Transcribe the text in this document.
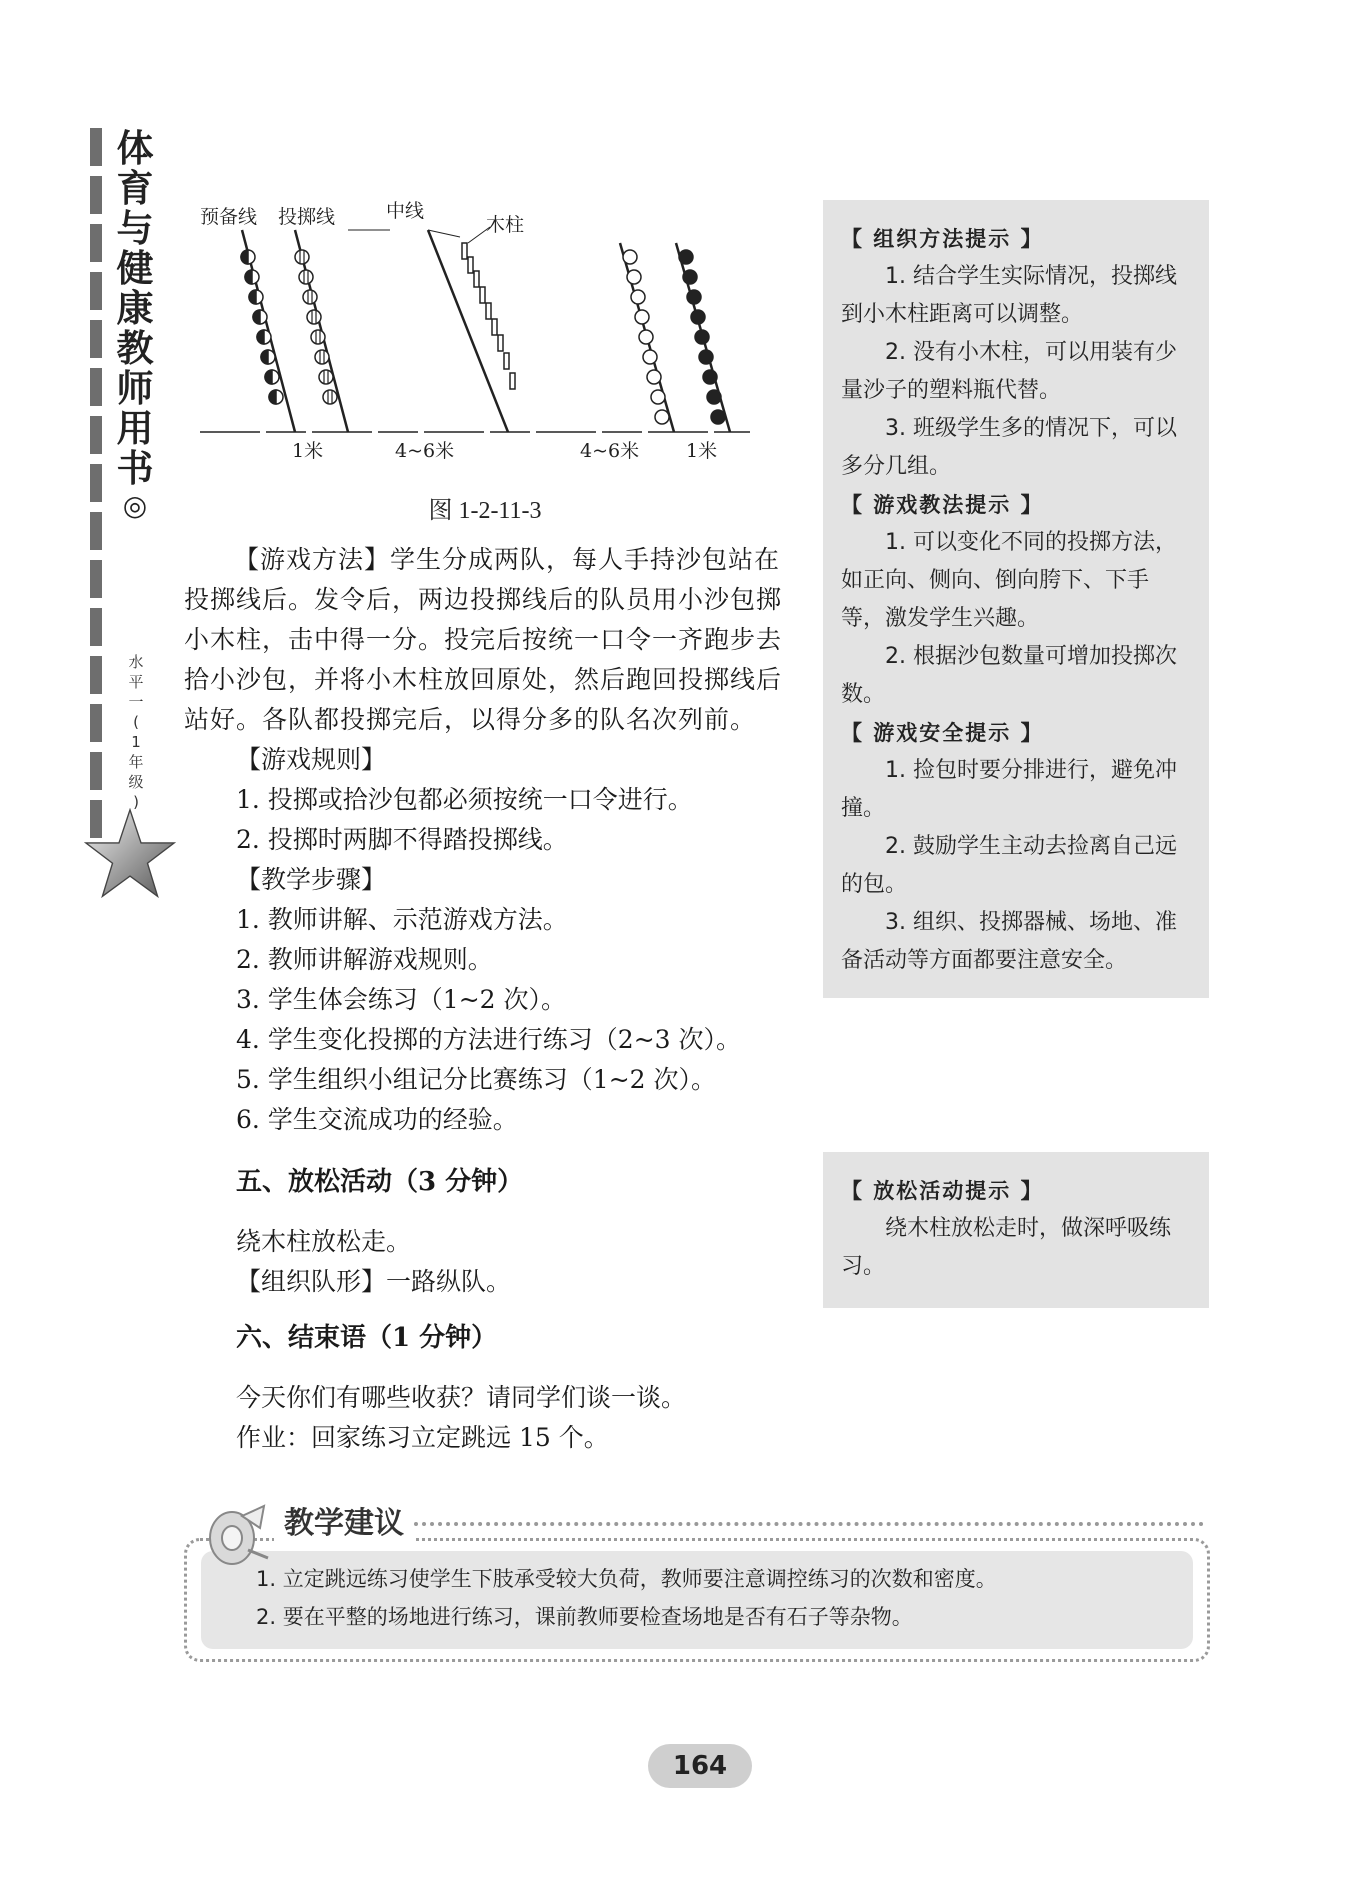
体
育
与
健
康
教
师
用
书
◎
水
平
一
(
1
年
级
)
预备线 投掷线	中线
木柱
1米	4~6米	4~6米 1米
图 1-2-11-3

【游戏方法】学生分成两队，每人手持沙包站在投掷线后。发令后，两边投掷线后的队员用小沙包掷小木柱，击中得一分。投完后按统一口令一齐跑步去拾小沙包，并将小木柱放回原处，然后跑回投掷线后站好。各队都投掷完后，以得分多的队名次列前。

【游戏规则】

1. 投掷或拾沙包都必须按统一口令进行。

2. 投掷时两脚不得踏投掷线。

【教学步骤】

1. 教师讲解、示范游戏方法。

2. 教师讲解游戏规则。

3. 学生体会练习（1~2 次）。

4. 学生变化投掷的方法进行练习（2~3 次）。

5. 学生组织小组记分比赛练习（1~2 次）。

6. 学生交流成功的经验。

五、放松活动（3 分钟）

绕木柱放松走。

【组织队形】一路纵队。

六、结束语（1 分钟）

今天你们有哪些收获？请同学们谈一谈。

作业：回家练习立定跳远 15 个。

【 组织方法提示 】

1. 结合学生实际情况，投掷线到小木柱距离可以调整。

2. 没有小木柱，可以用装有少量沙子的塑料瓶代替。

3. 班级学生多的情况下，可以多分几组。

【 游戏教法提示 】

1. 可以变化不同的投掷方法，如正向、侧向、倒向胯下、下手等，激发学生兴趣。

2. 根据沙包数量可增加投掷次数。

【 游戏安全提示 】

1. 捡包时要分排进行，避免冲撞。

2. 鼓励学生主动去捡离自己远的包。

3. 组织、投掷器械、场地、准备活动等方面都要注意安全。

【 放松活动提示 】

绕木柱放松走时，做深呼吸练习。

教学建议

1. 立定跳远练习使学生下肢承受较大负荷，教师要注意调控练习的次数和密度。

2. 要在平整的场地进行练习，课前教师要检查场地是否有石子等杂物。

164
